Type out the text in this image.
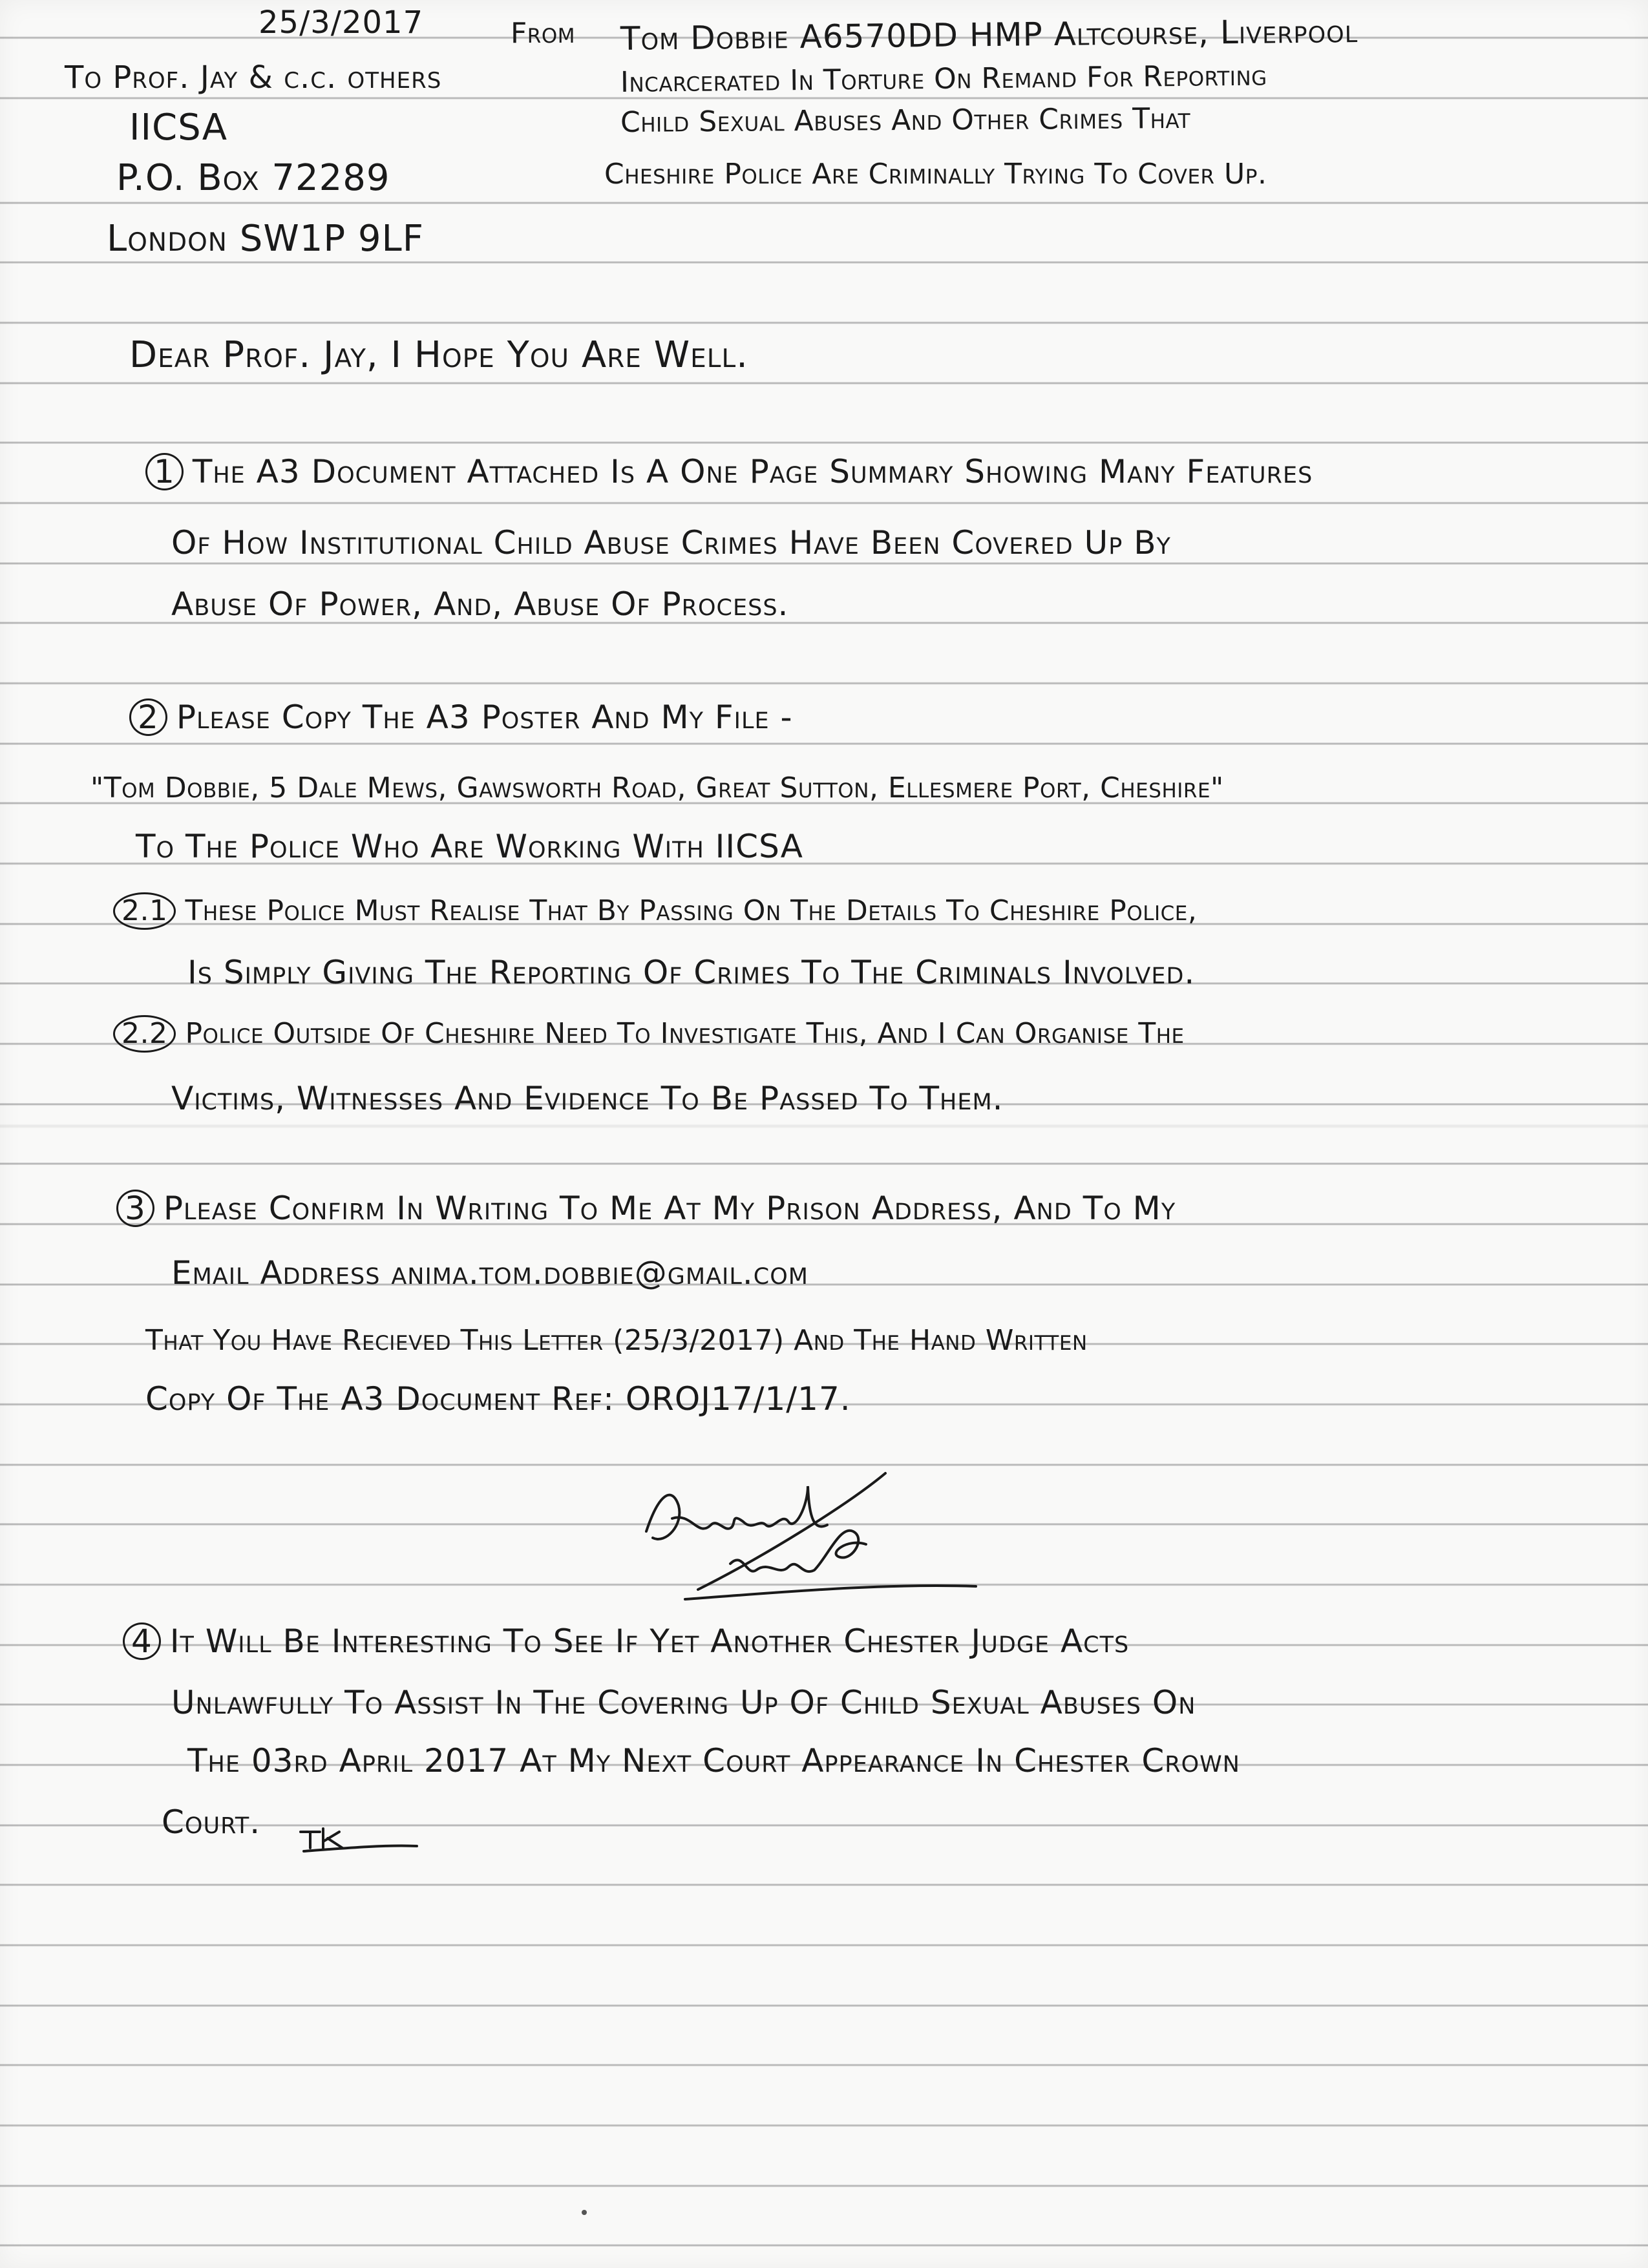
25/3/2017	From Tom Dobbie A6570DD HMP Altcourse, Liverpool
Incarcerated In Torture On Remand For Reporting
Child Sexual Abuses And Other Crimes That
Cheshire Police Are Criminally Trying To Cover Up.
To Prof. Jay & c.c. others
IICSA
P.O. Box 72289
London SW1P 9LF
Dear Prof. Jay, I Hope You Are Well.
1 The A3 Document Attached Is A One Page Summary Showing Many Features
Of How Institutional Child Abuse Crimes Have Been Covered Up By
Abuse Of Power, And, Abuse Of Process.
2 Please Copy The A3 Poster And My File -
"Tom Dobbie, 5 Dale Mews, Gawsworth Road, Great Sutton, Ellesmere Port, Cheshire"
To The Police Who Are Working With IICSA
2.1 These Police Must Realise That By Passing On The Details To Cheshire Police,
Is Simply Giving The Reporting Of Crimes To The Criminals Involved.
2.2 Police Outside Of Cheshire Need To Investigate This, And I Can Organise The
Victims, Witnesses And Evidence To Be Passed To Them.
3 Please Confirm In Writing To Me At My Prison Address, And To My
Email Address anima.tom.dobbie@gmail.com
That You Have Recieved This Letter (25/3/2017) And The Hand Written
Copy Of The A3 Document Ref: OROJ17/1/17.
4 It Will Be Interesting To See If Yet Another Chester Judge Acts
Unlawfully To Assist In The Covering Up Of Child Sexual Abuses On
The 03rd April 2017 At My Next Court Appearance In Chester Crown
Court.
